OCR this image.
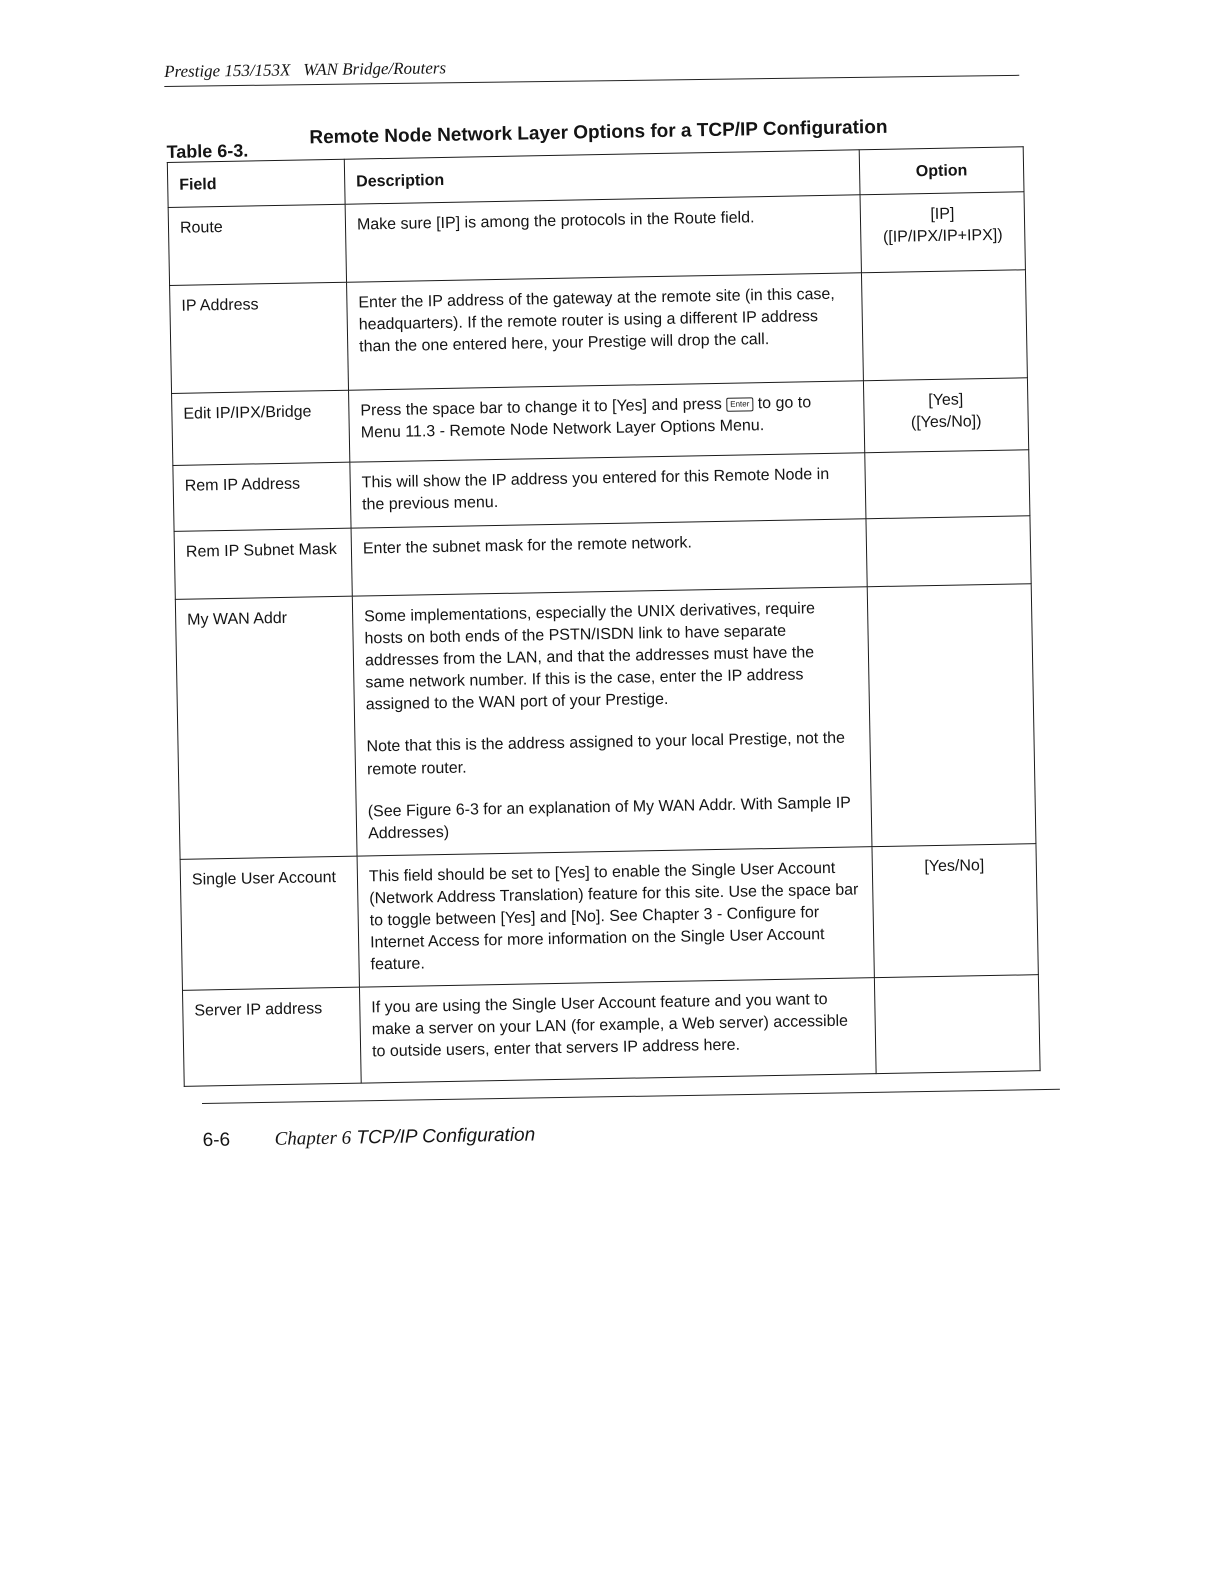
Prestige 153/153X WAN Bridge/Routers
Table 6-3.
Remote Node Network Layer Options for a TCP/IP Configuration
Field	Description	Option
Route	Make sure [IP] is among the protocols in the Route field.	[IP]
([IP/IPX/IP+IPX])

IP Address	Enter the IP address of the gateway at the remote site (in this case, headquarters). If the remote router is using a different IP address than the one entered here, your Prestige will drop the call.	

Edit IP/IPX/Bridge	Press the space bar to change it to [Yes] and press Enter to go to Menu 11.3 - Remote Node Network Layer Options Menu.	[Yes]
([Yes/No])

Rem IP Address	This will show the IP address you entered for this Remote Node in the previous menu.	

Rem IP Subnet Mask	Enter the subnet mask for the remote network.	

My WAN Addr	Some implementations, especially the UNIX derivatives, require hosts on both ends of the PSTN/ISDN link to have separate addresses from the LAN, and that the addresses must have the same network number. If this is the case, enter the IP address assigned to the WAN port of your Prestige.

Note that this is the address assigned to your local Prestige, not the remote router.

(See Figure 6-3 for an explanation of My WAN Addr. With Sample IP Addresses)	

Single User Account	This field should be set to [Yes] to enable the Single User Account (Network Address Translation) feature for this site. Use the space bar to toggle between [Yes] and [No]. See Chapter 3 - Configure for Internet Access for more information on the Single User Account feature.	[Yes/No]

Server IP address	If you are using the Single User Account feature and you want to make a server on your LAN (for example, a Web server) accessible to outside users, enter that servers IP address here.	

6-6 Chapter 6 TCP/IP Configuration
